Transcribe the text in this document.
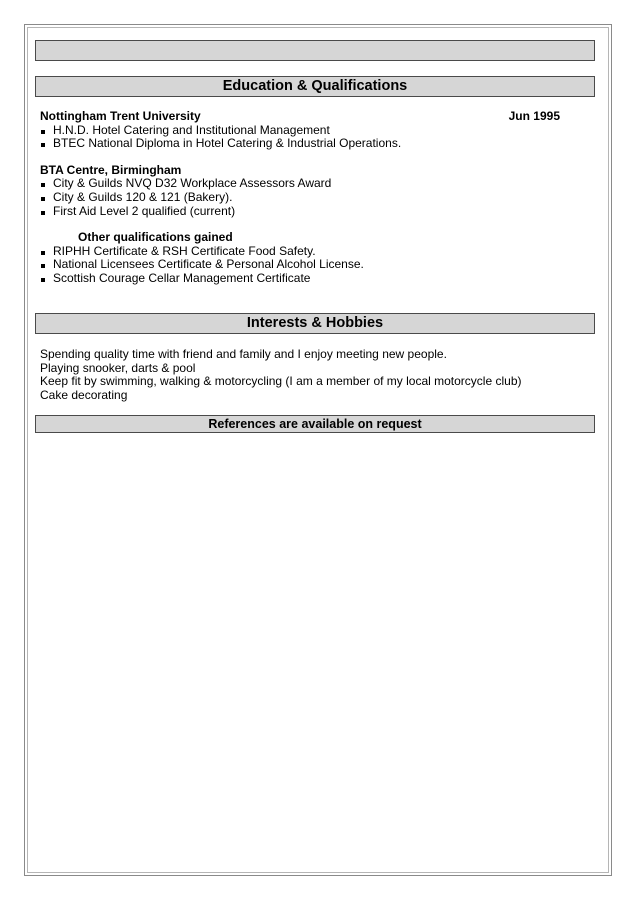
Education & Qualifications
Nottingham Trent University	Jun 1995
H.N.D. Hotel Catering and Institutional Management
BTEC National Diploma in Hotel Catering & Industrial Operations.
BTA Centre, Birmingham
City & Guilds NVQ D32 Workplace Assessors Award
City & Guilds 120 & 121 (Bakery).
First Aid Level 2 qualified (current)
Other qualifications gained
RIPHH Certificate & RSH Certificate Food Safety.
National Licensees Certificate & Personal Alcohol License.
Scottish Courage Cellar Management Certificate
Interests & Hobbies
Spending quality time with friend and family and I enjoy meeting new people.
Playing snooker, darts & pool
Keep fit by swimming, walking & motorcycling (I am a member of my local motorcycle club)
Cake decorating
References are available on request
